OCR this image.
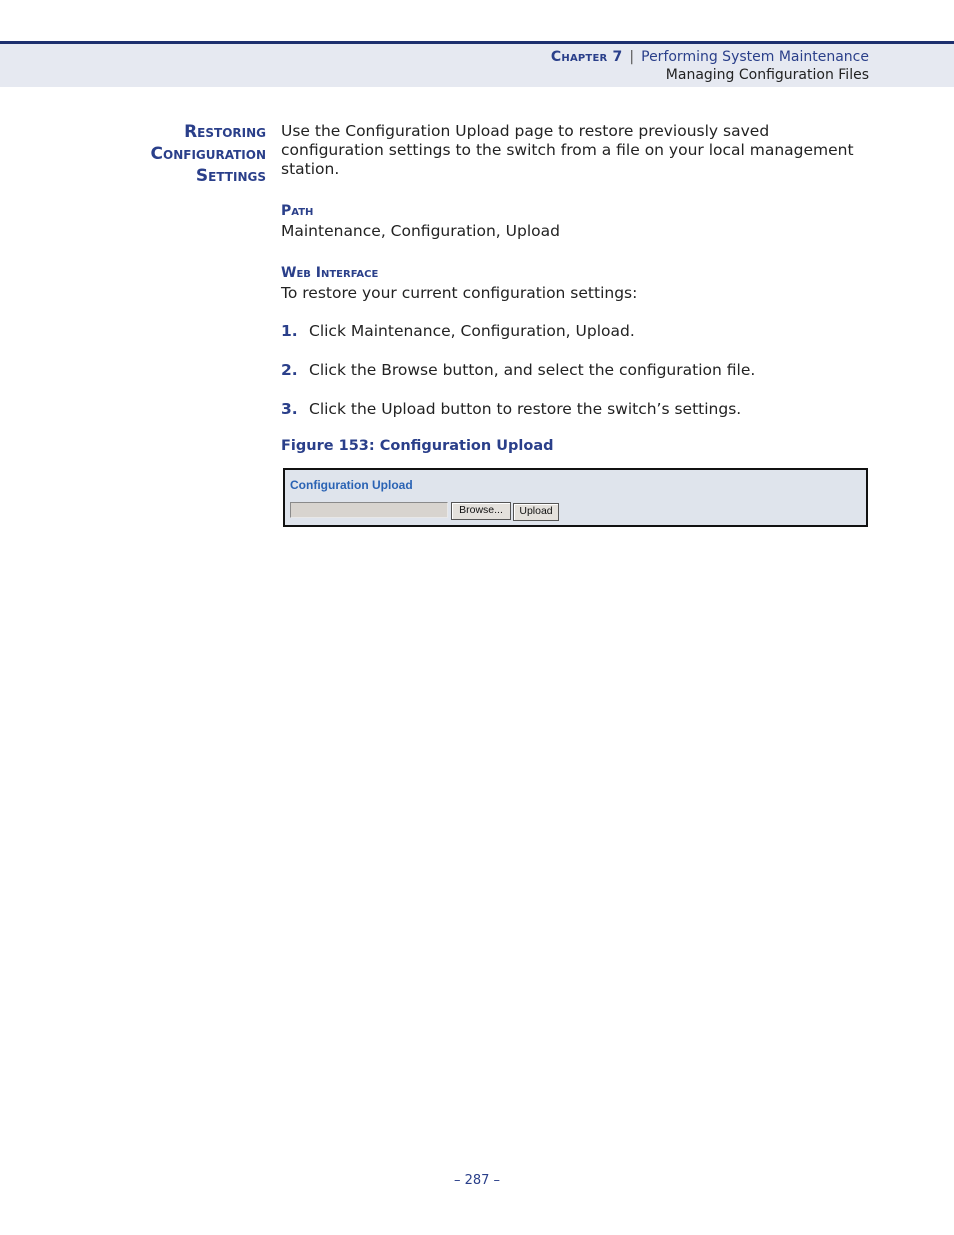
Chapter 7 | Performing System Maintenance
Managing Configuration Files
Restoring
Configuration
Settings
Use the Configuration Upload page to restore previously saved configuration settings to the switch from a file on your local management station.
Path
Maintenance, Configuration, Upload
Web Interface
To restore your current configuration settings:
1. Click Maintenance, Configuration, Upload.
2. Click the Browse button, and select the configuration file.
3. Click the Upload button to restore the switch’s settings.
Figure 153: Configuration Upload
Configuration Upload
Browse...	Upload
– 287 –
